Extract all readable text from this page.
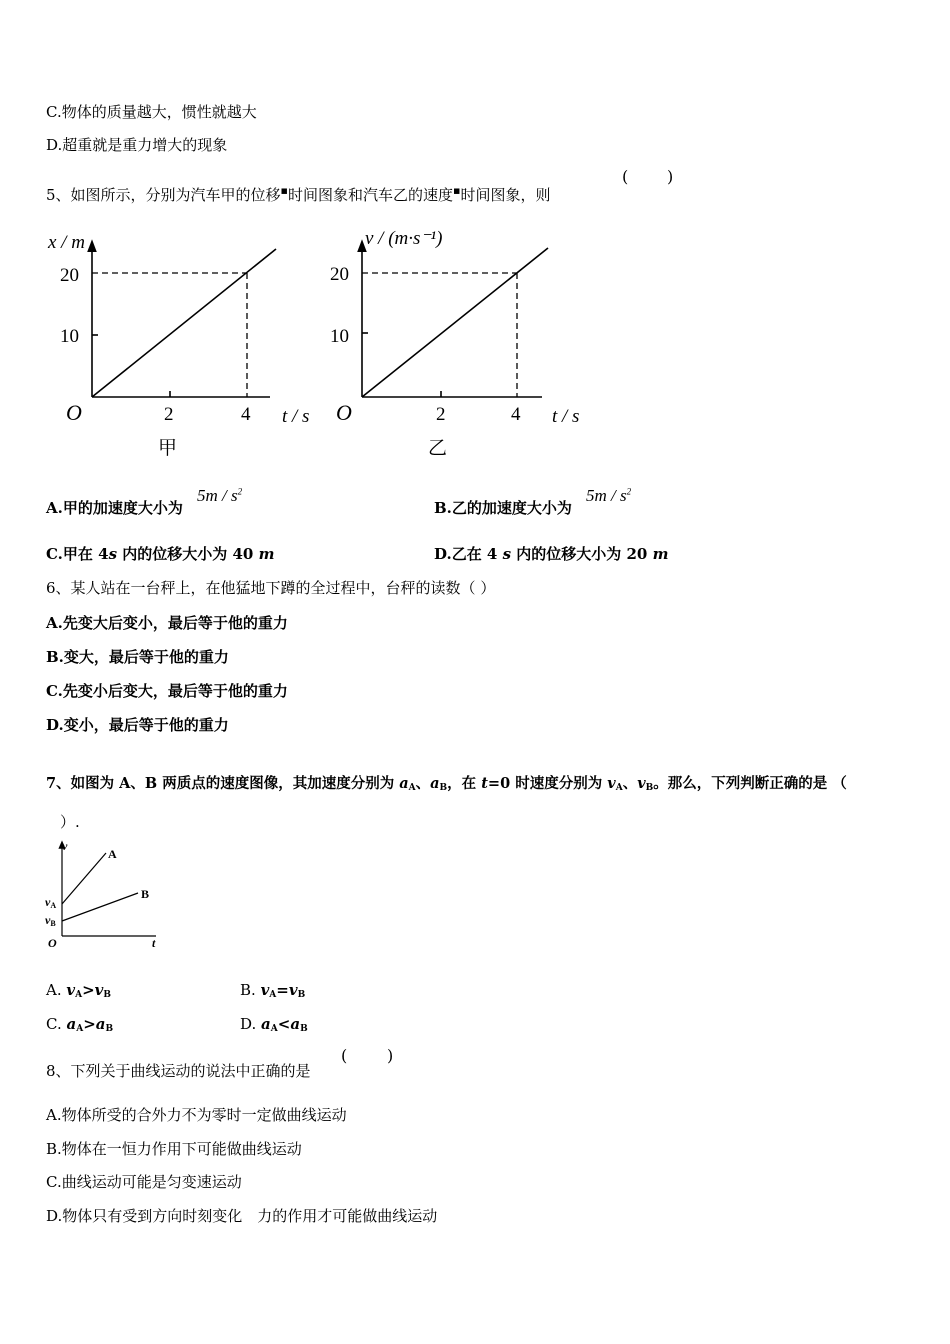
C.物体的质量越大，惯性就越大
D.超重就是重力增大的现象
5、如图所示，分别为汽车甲的位移▪时间图象和汽车乙的速度▪时间图象，则
( )
x / m
20
10
O	2	4 t / s
甲
v / (m·s⁻¹)
20
10
O	2	4 t / s
乙
A.甲的加速度大小为
$5m / s^2$
B.乙的加速度大小为
$5m / s^2$
C.甲在 4s 内的位移大小为 40 m	D.乙在 4 s 内的位移大小为 20 m
6、某人站在一台秤上，在他猛地下蹲的全过程中，台秤的读数（ ）
A.先变大后变小，最后等于他的重力
B.变大，最后等于他的重力
C.先变小后变大，最后等于他的重力
D.变小，最后等于他的重力
7、如图为 A、B 两质点的速度图像，其加速度分别为 $a_A$、$a_B$，在 t=0 时速度分别为 $v_A$、$v_B$。那么，下列判断正确的是 （
）.
v
A
B
vA
vB
O	t
A. $v_A>v_B$	B. $v_A=v_B$
C. $a_A>a_B$	D. $a_A<a_B$
8、下列关于曲线运动的说法中正确的是
( )
A.物体所受的合外力不为零时一定做曲线运动
B.物体在一恒力作用下可能做曲线运动
C.曲线运动可能是匀变速运动
D.物体只有受到方向时刻变化　力的作用才可能做曲线运动
